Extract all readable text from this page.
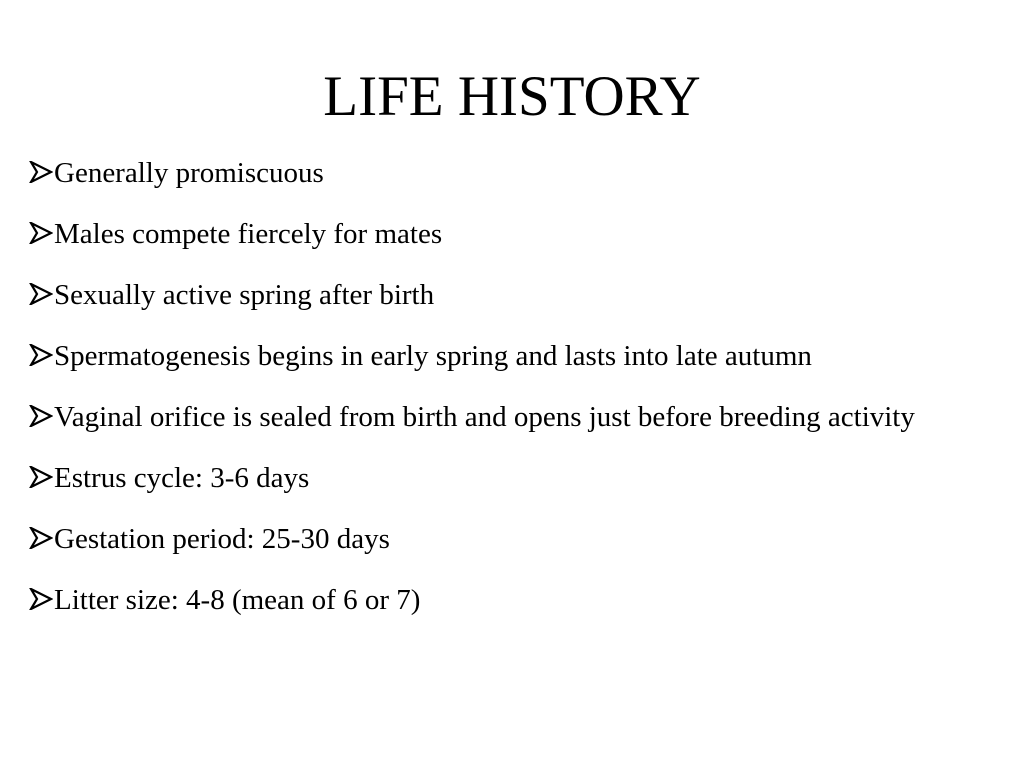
LIFE HISTORY
Generally promiscuous
Males compete fiercely for mates
Sexually active spring after birth
Spermatogenesis begins in early spring and lasts into late autumn
Vaginal orifice is sealed from birth and opens just before breeding activity
Estrus cycle: 3-6 days
Gestation period: 25-30 days
Litter size: 4-8 (mean of 6 or 7)
